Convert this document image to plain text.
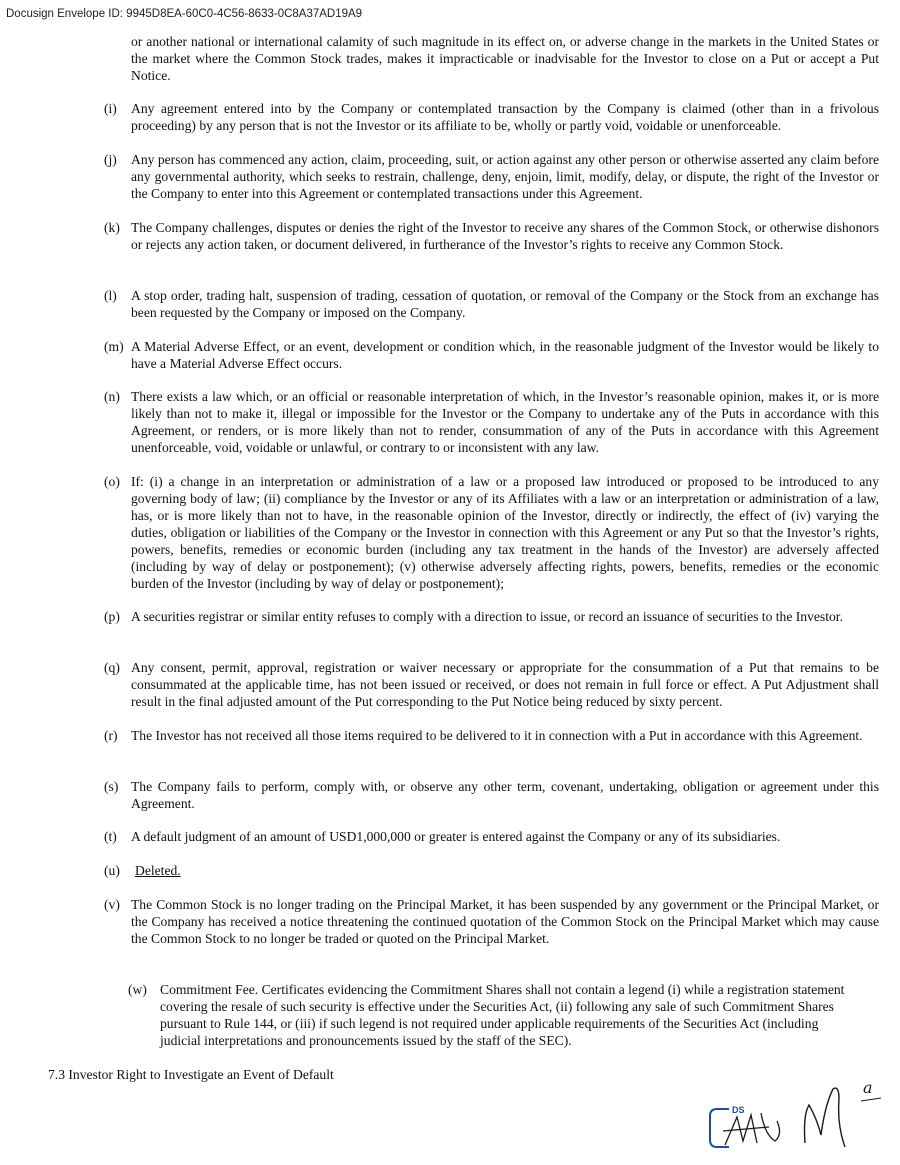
Docusign Envelope ID: 9945D8EA-60C0-4C56-8633-0C8A37AD19A9

or another national or international calamity of such magnitude in its effect on, or adverse change in the markets in the United States or the market where the Common Stock trades, makes it impracticable or inadvisable for the Investor to close on a Put or accept a Put Notice.

(i)	Any agreement entered into by the Company or contemplated transaction by the Company is claimed (other than in a frivolous proceeding) by any person that is not the Investor or its affiliate to be, wholly or partly void, voidable or unenforceable.
(j)	Any person has commenced any action, claim, proceeding, suit, or action against any other person or otherwise asserted any claim before any governmental authority, which seeks to restrain, challenge, deny, enjoin, limit, modify, delay, or dispute, the right of the Investor or the Company to enter into this Agreement or contemplated transactions under this Agreement.
(k) The Company challenges, disputes or denies the right of the Investor to receive any shares of the Common Stock, or otherwise dishonors or rejects any action taken, or document delivered, in furtherance of the Investor’s rights to receive any Common Stock.
(l)	A stop order, trading halt, suspension of trading, cessation of quotation, or removal of the Company or the Stock from an exchange has been requested by the Company or imposed on the Company.
(m) A Material Adverse Effect, or an event, development or condition which, in the reasonable judgment of the Investor would be likely to have a Material Adverse Effect occurs.
(n) There exists a law which, or an official or reasonable interpretation of which, in the Investor’s reasonable opinion, makes it, or is more likely than not to make it, illegal or impossible for the Investor or the Company to undertake any of the Puts in accordance with this Agreement, or renders, or is more likely than not to render, consummation of any of the Puts in accordance with this Agreement unenforceable, void, voidable or unlawful, or contrary to or inconsistent with any law.
(o) If: (i) a change in an interpretation or administration of a law or a proposed law introduced or proposed to be introduced to any governing body of law; (ii) compliance by the Investor or any of its Affiliates with a law or an interpretation or administration of a law, has, or is more likely than not to have, in the reasonable opinion of the Investor, directly or indirectly, the effect of (iv) varying the duties, obligation or liabilities of the Company or the Investor in connection with this Agreement or any Put so that the Investor’s rights, powers, benefits, remedies or economic burden (including any tax treatment in the hands of the Investor) are adversely affected (including by way of delay or postponement); (v) otherwise adversely affecting rights, powers, benefits, remedies or the economic burden of the Investor (including by way of delay or postponement);
(p) A securities registrar or similar entity refuses to comply with a direction to issue, or record an issuance of securities to the Investor.
(q) Any consent, permit, approval, registration or waiver necessary or appropriate for the consummation of a Put that remains to be consummated at the applicable time, has not been issued or received, or does not remain in full force or effect. A Put Adjustment shall result in the final adjusted amount of the Put corresponding to the Put Notice being reduced by sixty percent.
(r) The Investor has not received all those items required to be delivered to it in connection with a Put in accordance with this Agreement.
(s) The Company fails to perform, comply with, or observe any other term, covenant, undertaking, obligation or agreement under this Agreement.
(t)	A default judgment of an amount of USD1,000,000 or greater is entered against the Company or any of its subsidiaries.
(u)	Deleted.
(v) The Common Stock is no longer trading on the Principal Market, it has been suspended by any government or the Principal Market, or the Company has received a notice threatening the continued quotation of the Common Stock on the Principal Market which may cause the Common Stock to no longer be traded or quoted on the Principal Market.
(w) Commitment Fee. Certificates evidencing the Commitment Shares shall not contain a legend (i) while a registration statement covering the resale of such security is effective under the Securities Act, (ii) following any sale of such Commitment Shares pursuant to Rule 144, or (iii) if such legend is not required under applicable requirements of the Securities Act (including judicial interpretations and pronouncements issued by the staff of the SEC).
7.3 Investor Right to Investigate an Event of Default
DS
a
